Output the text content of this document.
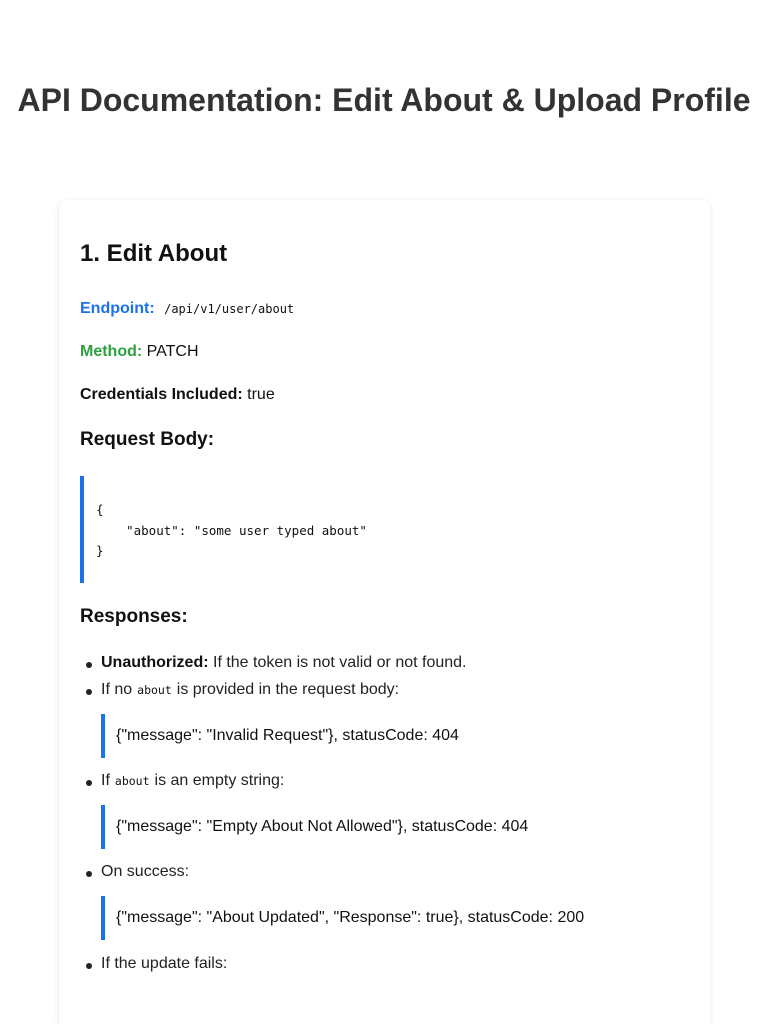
API Documentation: Edit About & Upload Profile
1. Edit About

Endpoint: /api/v1/user/about

Method: PATCH

Credentials Included: true

Request Body:
{
"about": "some user typed about"
}
Responses:

Unauthorized: If the token is not valid or not found.

If no about is provided in the request body:

{"message": "Invalid Request"}, statusCode: 404

If about is an empty string:

{"message": "Empty About Not Allowed"}, statusCode: 404

On success:

{"message": "About Updated", "Response": true}, statusCode: 200

If the update fails:
